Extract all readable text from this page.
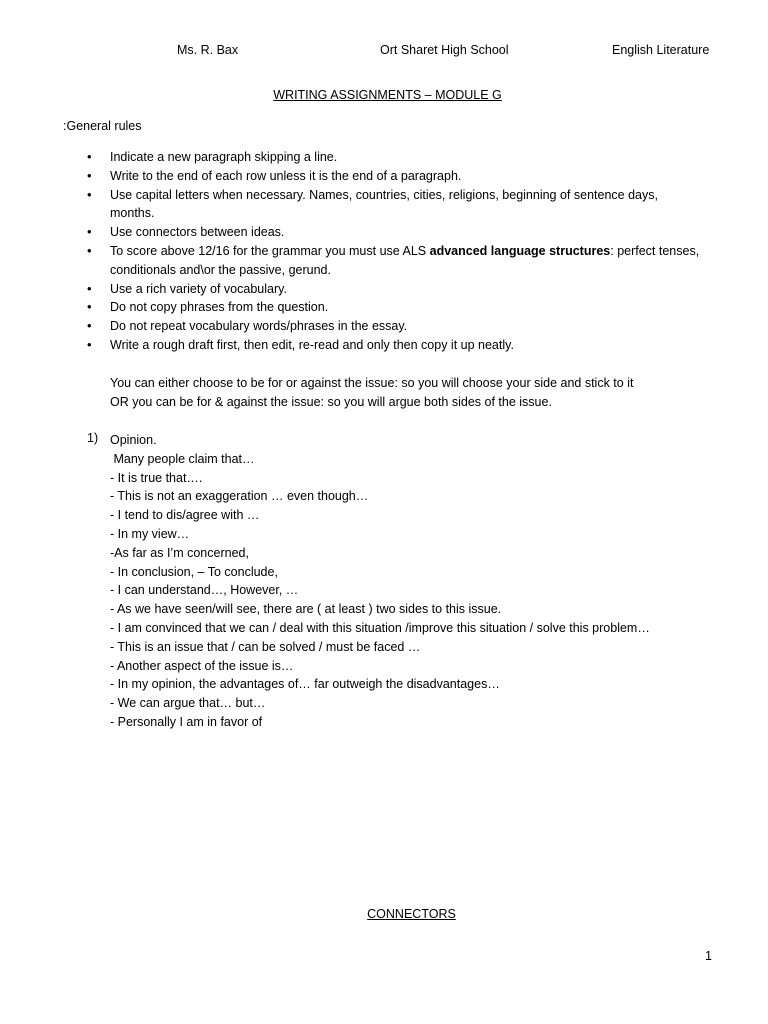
Ms. R. Bax	Ort Sharet High School	English Literature
WRITING ASSIGNMENTS – MODULE G
:General rules
• Indicate a new paragraph skipping a line.
• Write to the end of each row unless it is the end of a paragraph.
• Use capital letters when necessary. Names, countries, cities, religions, beginning of sentence days, months.
• Use connectors between ideas.
• To score above 12/16 for the grammar you must use ALS advanced language structures: perfect tenses, conditionals and\or the passive, gerund.
• Use a rich variety of vocabulary.
• Do not copy phrases from the question.
• Do not repeat vocabulary words/phrases in the essay.
• Write a rough draft first, then edit, re-read and only then copy it up neatly.
You can either choose to be for or against the issue: so you will choose your side and stick to it
OR you can be for & against the issue: so you will argue both sides of the issue.
1) Opinion.
Many people claim that…
- It is true that….
- This is not an exaggeration … even though…
- I tend to dis/agree with …
- In my view…
-As far as I’m concerned,
- In conclusion, – To conclude,
- I can understand…, However, …
- As we have seen/will see, there are ( at least ) two sides to this issue.
- I am convinced that we can / deal with this situation /improve this situation / solve this problem…
- This is an issue that / can be solved / must be faced …
- Another aspect of the issue is…
- In my opinion, the advantages of… far outweigh the disadvantages…
- We can argue that… but…
- Personally I am in favor of
CONNECTORS
1
